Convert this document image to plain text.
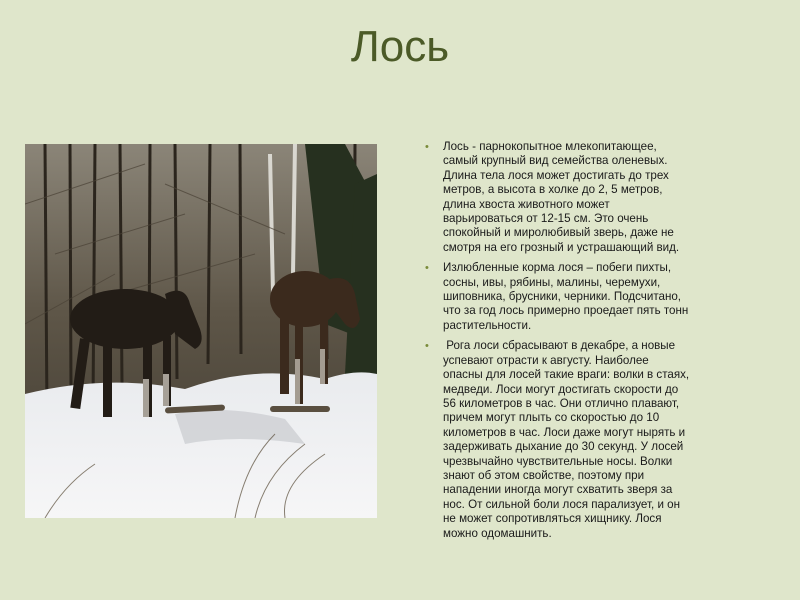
Лось
• Лось - парнокопытное млекопитающее,
самый крупный вид семейства оленевых.
Длина тела лося может достигать до трех
метров, а высота в холке до 2, 5 метров,
длина хвоста животного может
варьироваться от 12-15 см. Это очень
спокойный и миролюбивый зверь, даже не
смотря на его грозный и устрашающий вид.
• Излюбленные корма лося – побеги пихты,
сосны, ивы, рябины, малины, черемухи,
шиповника, брусники, черники. Подсчитано,
что за год лось примерно проедает пять тонн
растительности.
• Рога лоси сбрасывают в декабре, а новые
успевают отрасти к августу. Наиболее
опасны для лосей такие враги: волки в стаях,
медведи. Лоси могут достигать скорости до
56 километров в час. Они отлично плавают,
причем могут плыть со скоростью до 10
километров в час. Лоси даже могут нырять и
задерживать дыхание до 30 секунд. У лосей
чрезвычайно чувствительные носы. Волки
знают об этом свойстве, поэтому при
нападении иногда могут схватить зверя за
нос. От сильной боли лося парализует, и он
не может сопротивляться хищнику. Лося
можно одомашнить.
